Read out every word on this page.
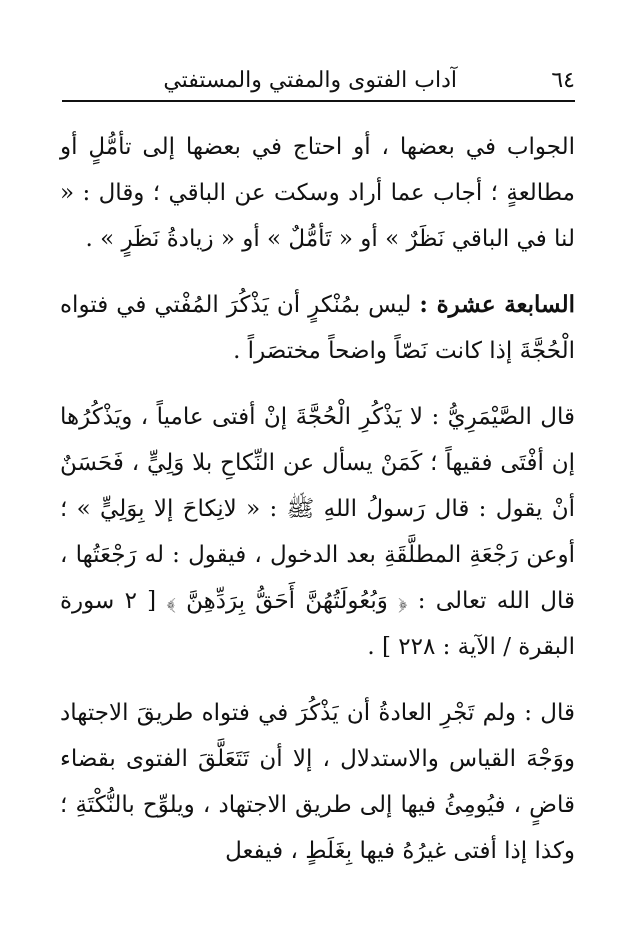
٦٤
آداب الفتوى والمفتي والمستفتي

الجواب في بعضها ، أو احتاج في بعضها إلى تأمُّلٍ أو مطالعةٍ ؛ أجاب عما أراد وسكت عن الباقي ؛ وقال : « لنا في الباقي نَظَرٌ » أو « تَأمُّلٌ » أو « زيادةُ نَظَرٍ » .

السابعة عشرة : ليس بمُنْكرٍ أن يَذْكُرَ المُفْتي في فتواه الْحُجَّةَ إذا كانت نَصّاً واضحاً مختصَراً .

قال الصَّيْمَرِيُّ : لا يَذْكُرِ الْحُجَّةَ إنْ أفتى عامياً ، ويَذْكُرُها إن أفْتَى فقيهاً ؛ كَمَنْ يسأل عن النِّكاحِ بلا وَلِيٍّ ، فَحَسَنٌ أنْ يقول : قال رَسولُ اللهِ ﷺ : « لانِكاحَ إلا بِوَلِيٍّ » ؛ أوعن رَجْعَةِ المطلَّقَةِ بعد الدخول ، فيقول : له رَجْعَتُها ، قال الله تعالى : ﴿ وَبُعُولَتُهُنَّ أَحَقُّ بِرَدِّهِنَّ ﴾ [ ٢ سورة البقرة / الآية : ٢٢٨ ] .

قال : ولم تَجْرِ العادةُ أن يَذْكُرَ في فتواه طريقَ الاجتهاد ووَجْهَ القياس والاستدلال ، إلا أن تَتَعَلَّقَ الفتوى بقضاء قاضٍ ، فيُومِئُ فيها إلى طريق الاجتهاد ، ويلوِّح بالنُّكْتَةِ ؛ وكذا إذا أفتى غيرُهُ فيها بِغَلَطٍ ، فيفعل
